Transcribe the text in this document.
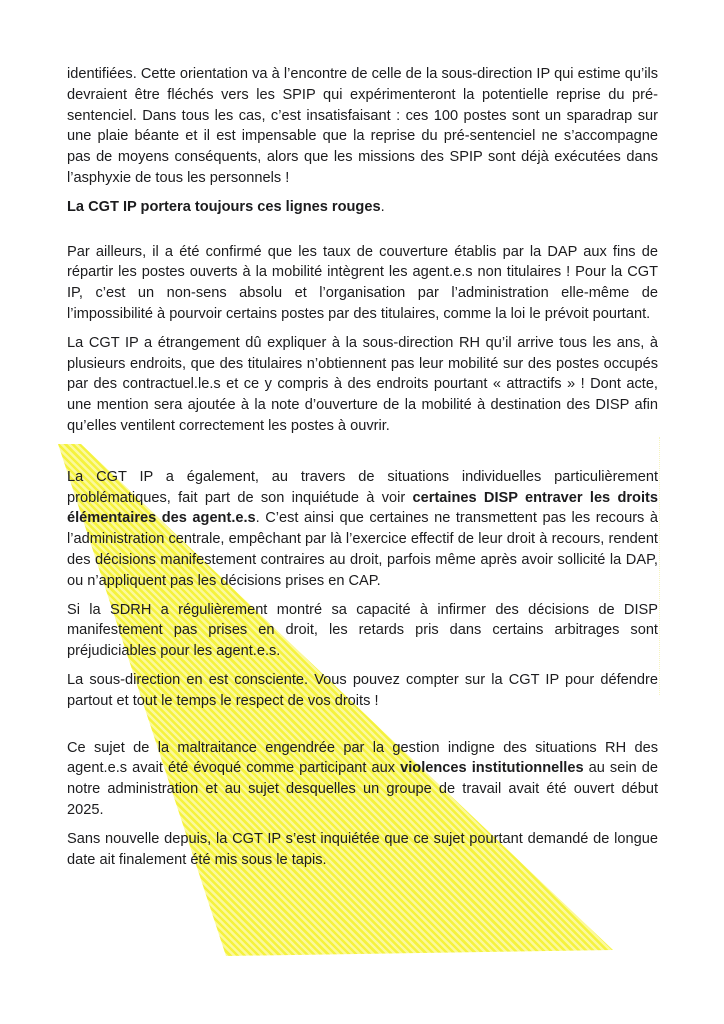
identifiées. Cette orientation va à l’encontre de celle de la sous-direction IP qui estime qu’ils devraient être fléchés vers les SPIP qui expérimenteront la potentielle reprise du pré-sentenciel. Dans tous les cas, c’est insatisfaisant : ces 100 postes sont un sparadrap sur une plaie béante et il est impensable que la reprise du pré-sentenciel ne s’accompagne pas de moyens conséquents, alors que les missions des SPIP sont déjà exécutées dans l’asphyxie de tous les personnels !

La CGT IP portera toujours ces lignes rouges.

Par ailleurs, il a été confirmé que les taux de couverture établis par la DAP aux fins de répartir les postes ouverts à la mobilité intègrent les agent.e.s non titulaires ! Pour la CGT IP, c’est un non-sens absolu et l’organisation par l’administration elle-même de l’impossibilité à pourvoir certains postes par des titulaires, comme la loi le prévoit pourtant.

La CGT IP a étrangement dû expliquer à la sous-direction RH qu’il arrive tous les ans, à plusieurs endroits, que des titulaires n’obtiennent pas leur mobilité sur des postes occupés par des contractuel.le.s et ce y compris à des endroits pourtant « attractifs » ! Dont acte, une mention sera ajoutée à la note d’ouverture de la mobilité à destination des DISP afin qu’elles ventilent correctement les postes à ouvrir.

La CGT IP a également, au travers de situations individuelles particulièrement problématiques, fait part de son inquiétude à voir certaines DISP entraver les droits élémentaires des agent.e.s. C’est ainsi que certaines ne transmettent pas les recours à l’administration centrale, empêchant par là l’exercice effectif de leur droit à recours, rendent des décisions manifestement contraires au droit, parfois même après avoir sollicité la DAP, ou n’appliquent pas les décisions prises en CAP.

Si la SDRH a régulièrement montré sa capacité à infirmer des décisions de DISP manifestement pas prises en droit, les retards pris dans certains arbitrages sont préjudiciables pour les agent.e.s.

La sous-direction en est consciente. Vous pouvez compter sur la CGT IP pour défendre partout et tout le temps le respect de vos droits !

Ce sujet de la maltraitance engendrée par la gestion indigne des situations RH des agent.e.s avait été évoqué comme participant aux violences institutionnelles au sein de notre administration et au sujet desquelles un groupe de travail avait été ouvert début 2025.

Sans nouvelle depuis, la CGT IP s’est inquiétée que ce sujet pourtant demandé de longue date ait finalement été mis sous le tapis.
